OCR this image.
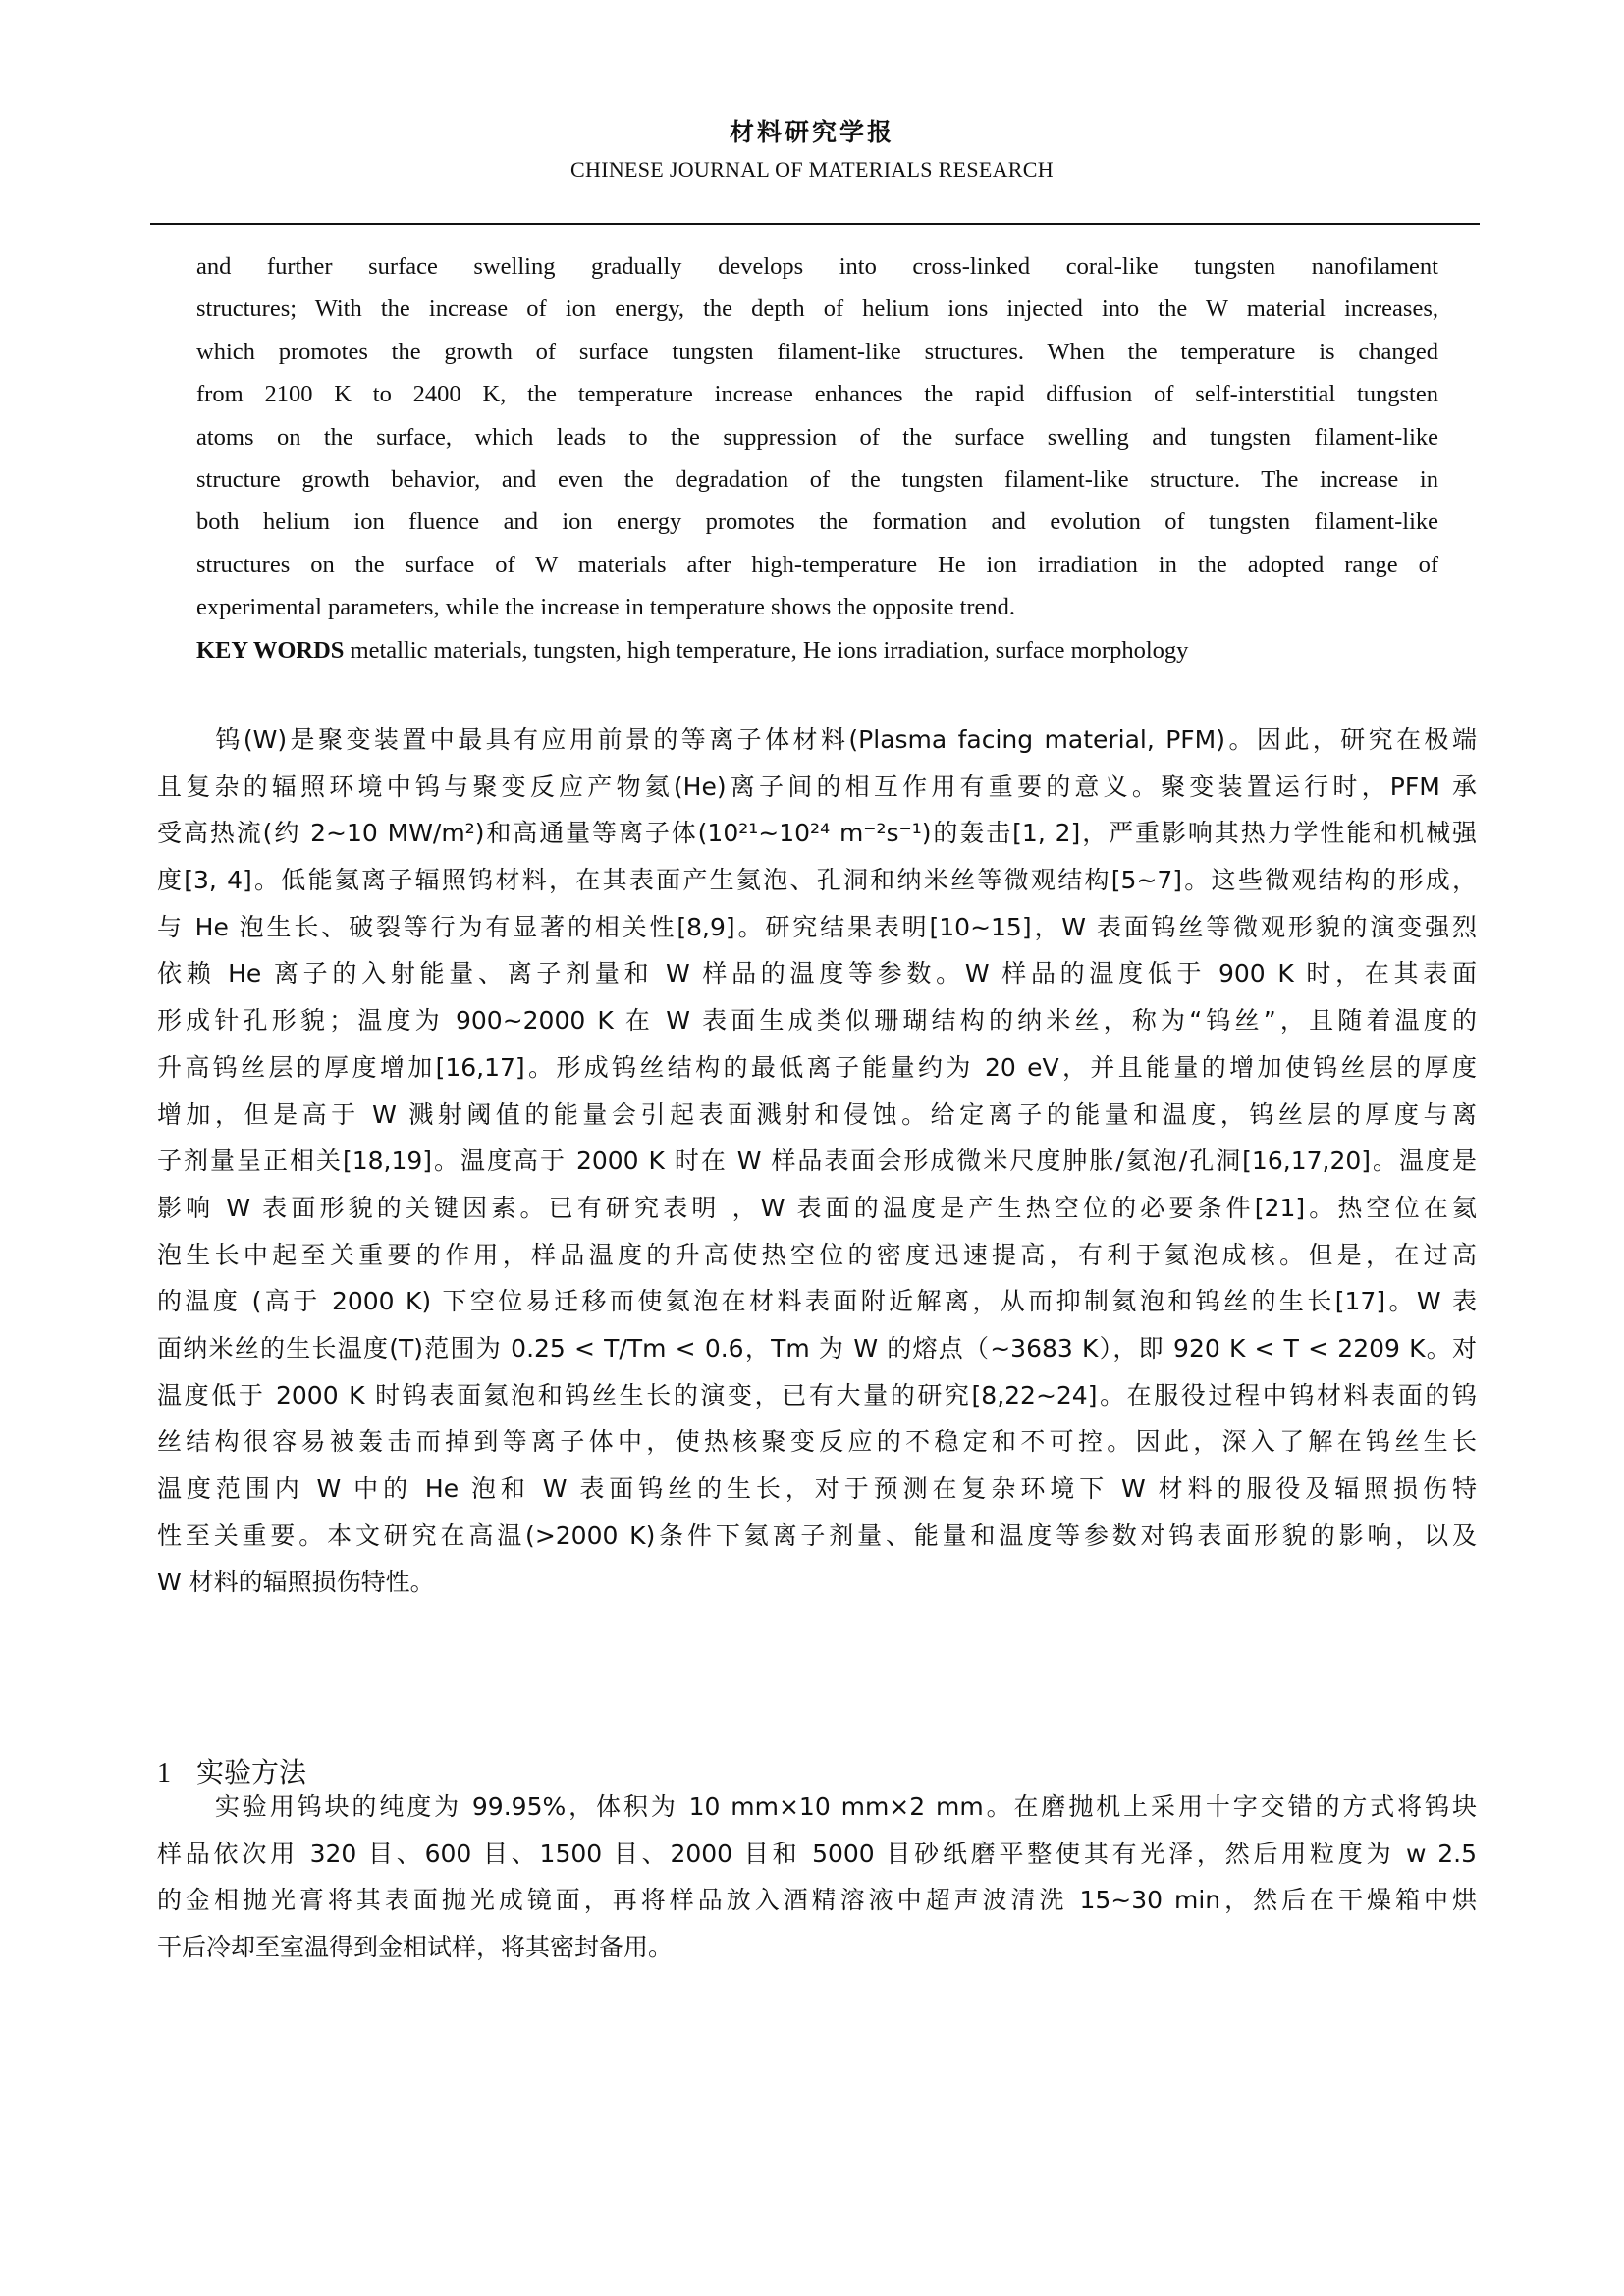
材料研究学报
CHINESE JOURNAL OF MATERIALS RESEARCH
and further surface swelling gradually develops into cross-linked coral-like tungsten nanofilament
structures; With the increase of ion energy, the depth of helium ions injected into the W material increases,
which promotes the growth of surface tungsten filament-like structures. When the temperature is changed
from 2100 K to 2400 K, the temperature increase enhances the rapid diffusion of self-interstitial tungsten
atoms on the surface, which leads to the suppression of the surface swelling and tungsten filament-like
structure growth behavior, and even the degradation of the tungsten filament-like structure. The increase in
both helium ion fluence and ion energy promotes the formation and evolution of tungsten filament-like
structures on the surface of W materials after high-temperature He ion irradiation in the adopted range of
experimental parameters, while the increase in temperature shows the opposite trend.
KEY WORDS metallic materials, tungsten, high temperature, He ions irradiation, surface morphology
钨(W)是聚变装置中最具有应用前景的等离子体材料(Plasma facing material, PFM)。因此，研究在极端
且复杂的辐照环境中钨与聚变反应产物氦(He)离子间的相互作用有重要的意义。聚变装置运行时，PFM 承
受高热流(约 2~10 MW/m²)和高通量等离子体(10²¹~10²⁴ m⁻²s⁻¹)的轰击[1, 2]，严重影响其热力学性能和机械强
度[3, 4]。低能氦离子辐照钨材料，在其表面产生氦泡、孔洞和纳米丝等微观结构[5~7]。这些微观结构的形成，
与 He 泡生长、破裂等行为有显著的相关性[8,9]。研究结果表明[10~15]，W 表面钨丝等微观形貌的演变强烈
依赖 He 离子的入射能量、离子剂量和 W 样品的温度等参数。W 样品的温度低于 900 K 时，在其表面
形成针孔形貌；温度为 900~2000 K 在 W 表面生成类似珊瑚结构的纳米丝，称为“钨丝”，且随着温度的
升高钨丝层的厚度增加[16,17]。形成钨丝结构的最低离子能量约为 20 eV，并且能量的增加使钨丝层的厚度
增加，但是高于 W 溅射阈值的能量会引起表面溅射和侵蚀。给定离子的能量和温度，钨丝层的厚度与离
子剂量呈正相关[18,19]。温度高于 2000 K 时在 W 样品表面会形成微米尺度肿胀/氦泡/孔洞[16,17,20]。温度是
影响 W 表面形貌的关键因素。已有研究表明 ，W 表面的温度是产生热空位的必要条件[21]。热空位在氦
泡生长中起至关重要的作用，样品温度的升高使热空位的密度迅速提高，有利于氦泡成核。但是，在过高
的温度 (高于 2000 K) 下空位易迁移而使氦泡在材料表面附近解离，从而抑制氦泡和钨丝的生长[17]。W 表
面纳米丝的生长温度(T)范围为 0.25 < T/Tm < 0.6，Tm 为 W 的熔点（~3683 K），即 920 K < T < 2209 K。对
温度低于 2000 K 时钨表面氦泡和钨丝生长的演变，已有大量的研究[8,22~24]。在服役过程中钨材料表面的钨
丝结构很容易被轰击而掉到等离子体中，使热核聚变反应的不稳定和不可控。因此，深入了解在钨丝生长
温度范围内 W 中的 He 泡和 W 表面钨丝的生长，对于预测在复杂环境下 W 材料的服役及辐照损伤特
性至关重要。本文研究在高温(>2000 K)条件下氦离子剂量、能量和温度等参数对钨表面形貌的影响，以及
W 材料的辐照损伤特性。
1 实验方法
实验用钨块的纯度为 99.95%，体积为 10 mm×10 mm×2 mm。在磨抛机上采用十字交错的方式将钨块
样品依次用 320 目、600 目、1500 目、2000 目和 5000 目砂纸磨平整使其有光泽，然后用粒度为 w 2.5
的金相抛光膏将其表面抛光成镜面，再将样品放入酒精溶液中超声波清洗 15~30 min，然后在干燥箱中烘
干后冷却至室温得到金相试样，将其密封备用。
